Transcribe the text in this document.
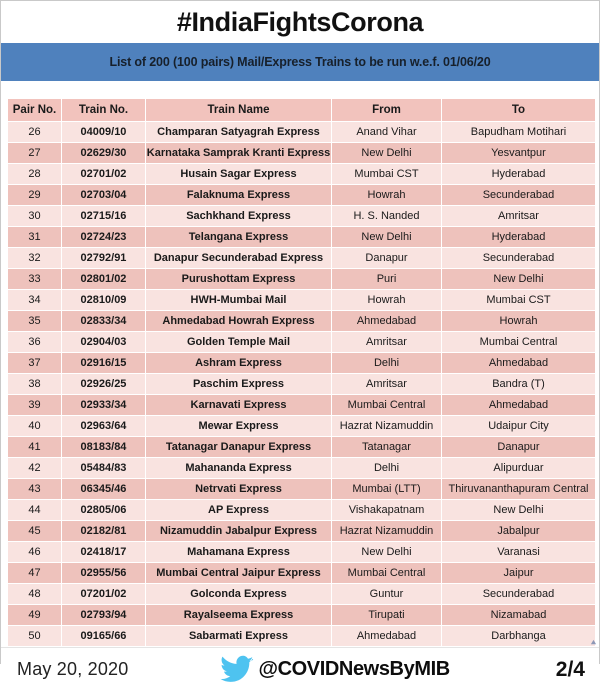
#IndiaFightsCorona
List of 200 (100 pairs) Mail/Express Trains to be run w.e.f. 01/06/20
Pair No.	Train No.	Train Name	From	To
26	04009/10	Champaran Satyagrah Express	Anand Vihar	Bapudham Motihari
27	02629/30	Karnataka Samprak Kranti Express	New Delhi	Yesvantpur
28	02701/02	Husain Sagar Express	Mumbai CST	Hyderabad
29	02703/04	Falaknuma Express	Howrah	Secunderabad
30	02715/16	Sachkhand Express	H. S. Nanded	Amritsar
31	02724/23	Telangana Express	New Delhi	Hyderabad
32	02792/91	Danapur Secunderabad Express	Danapur	Secunderabad
33	02801/02	Purushottam Express	Puri	New Delhi
34	02810/09	HWH-Mumbai Mail	Howrah	Mumbai CST
35	02833/34	Ahmedabad Howrah Express	Ahmedabad	Howrah
36	02904/03	Golden Temple Mail	Amritsar	Mumbai Central
37	02916/15	Ashram Express	Delhi	Ahmedabad
38	02926/25	Paschim Express	Amritsar	Bandra (T)
39	02933/34	Karnavati Express	Mumbai Central	Ahmedabad
40	02963/64	Mewar Express	Hazrat Nizamuddin	Udaipur City
41	08183/84	Tatanagar Danapur Express	Tatanagar	Danapur
42	05484/83	Mahananda Express	Delhi	Alipurduar
43	06345/46	Netrvati Express	Mumbai (LTT)	Thiruvananthapuram Central
44	02805/06	AP Express	Vishakapatnam	New Delhi
45	02182/81	Nizamuddin Jabalpur Express	Hazrat Nizamuddin	Jabalpur
46	02418/17	Mahamana Express	New Delhi	Varanasi
47	02955/56	Mumbai Central Jaipur Express	Mumbai Central	Jaipur
48	07201/02	Golconda Express	Guntur	Secunderabad
49	02793/94	Rayalseema Express	Tirupati	Nizamabad
50	09165/66	Sabarmati Express	Ahmedabad	Darbhanga
May 20, 2020	@COVIDNewsByMIB	2/4
